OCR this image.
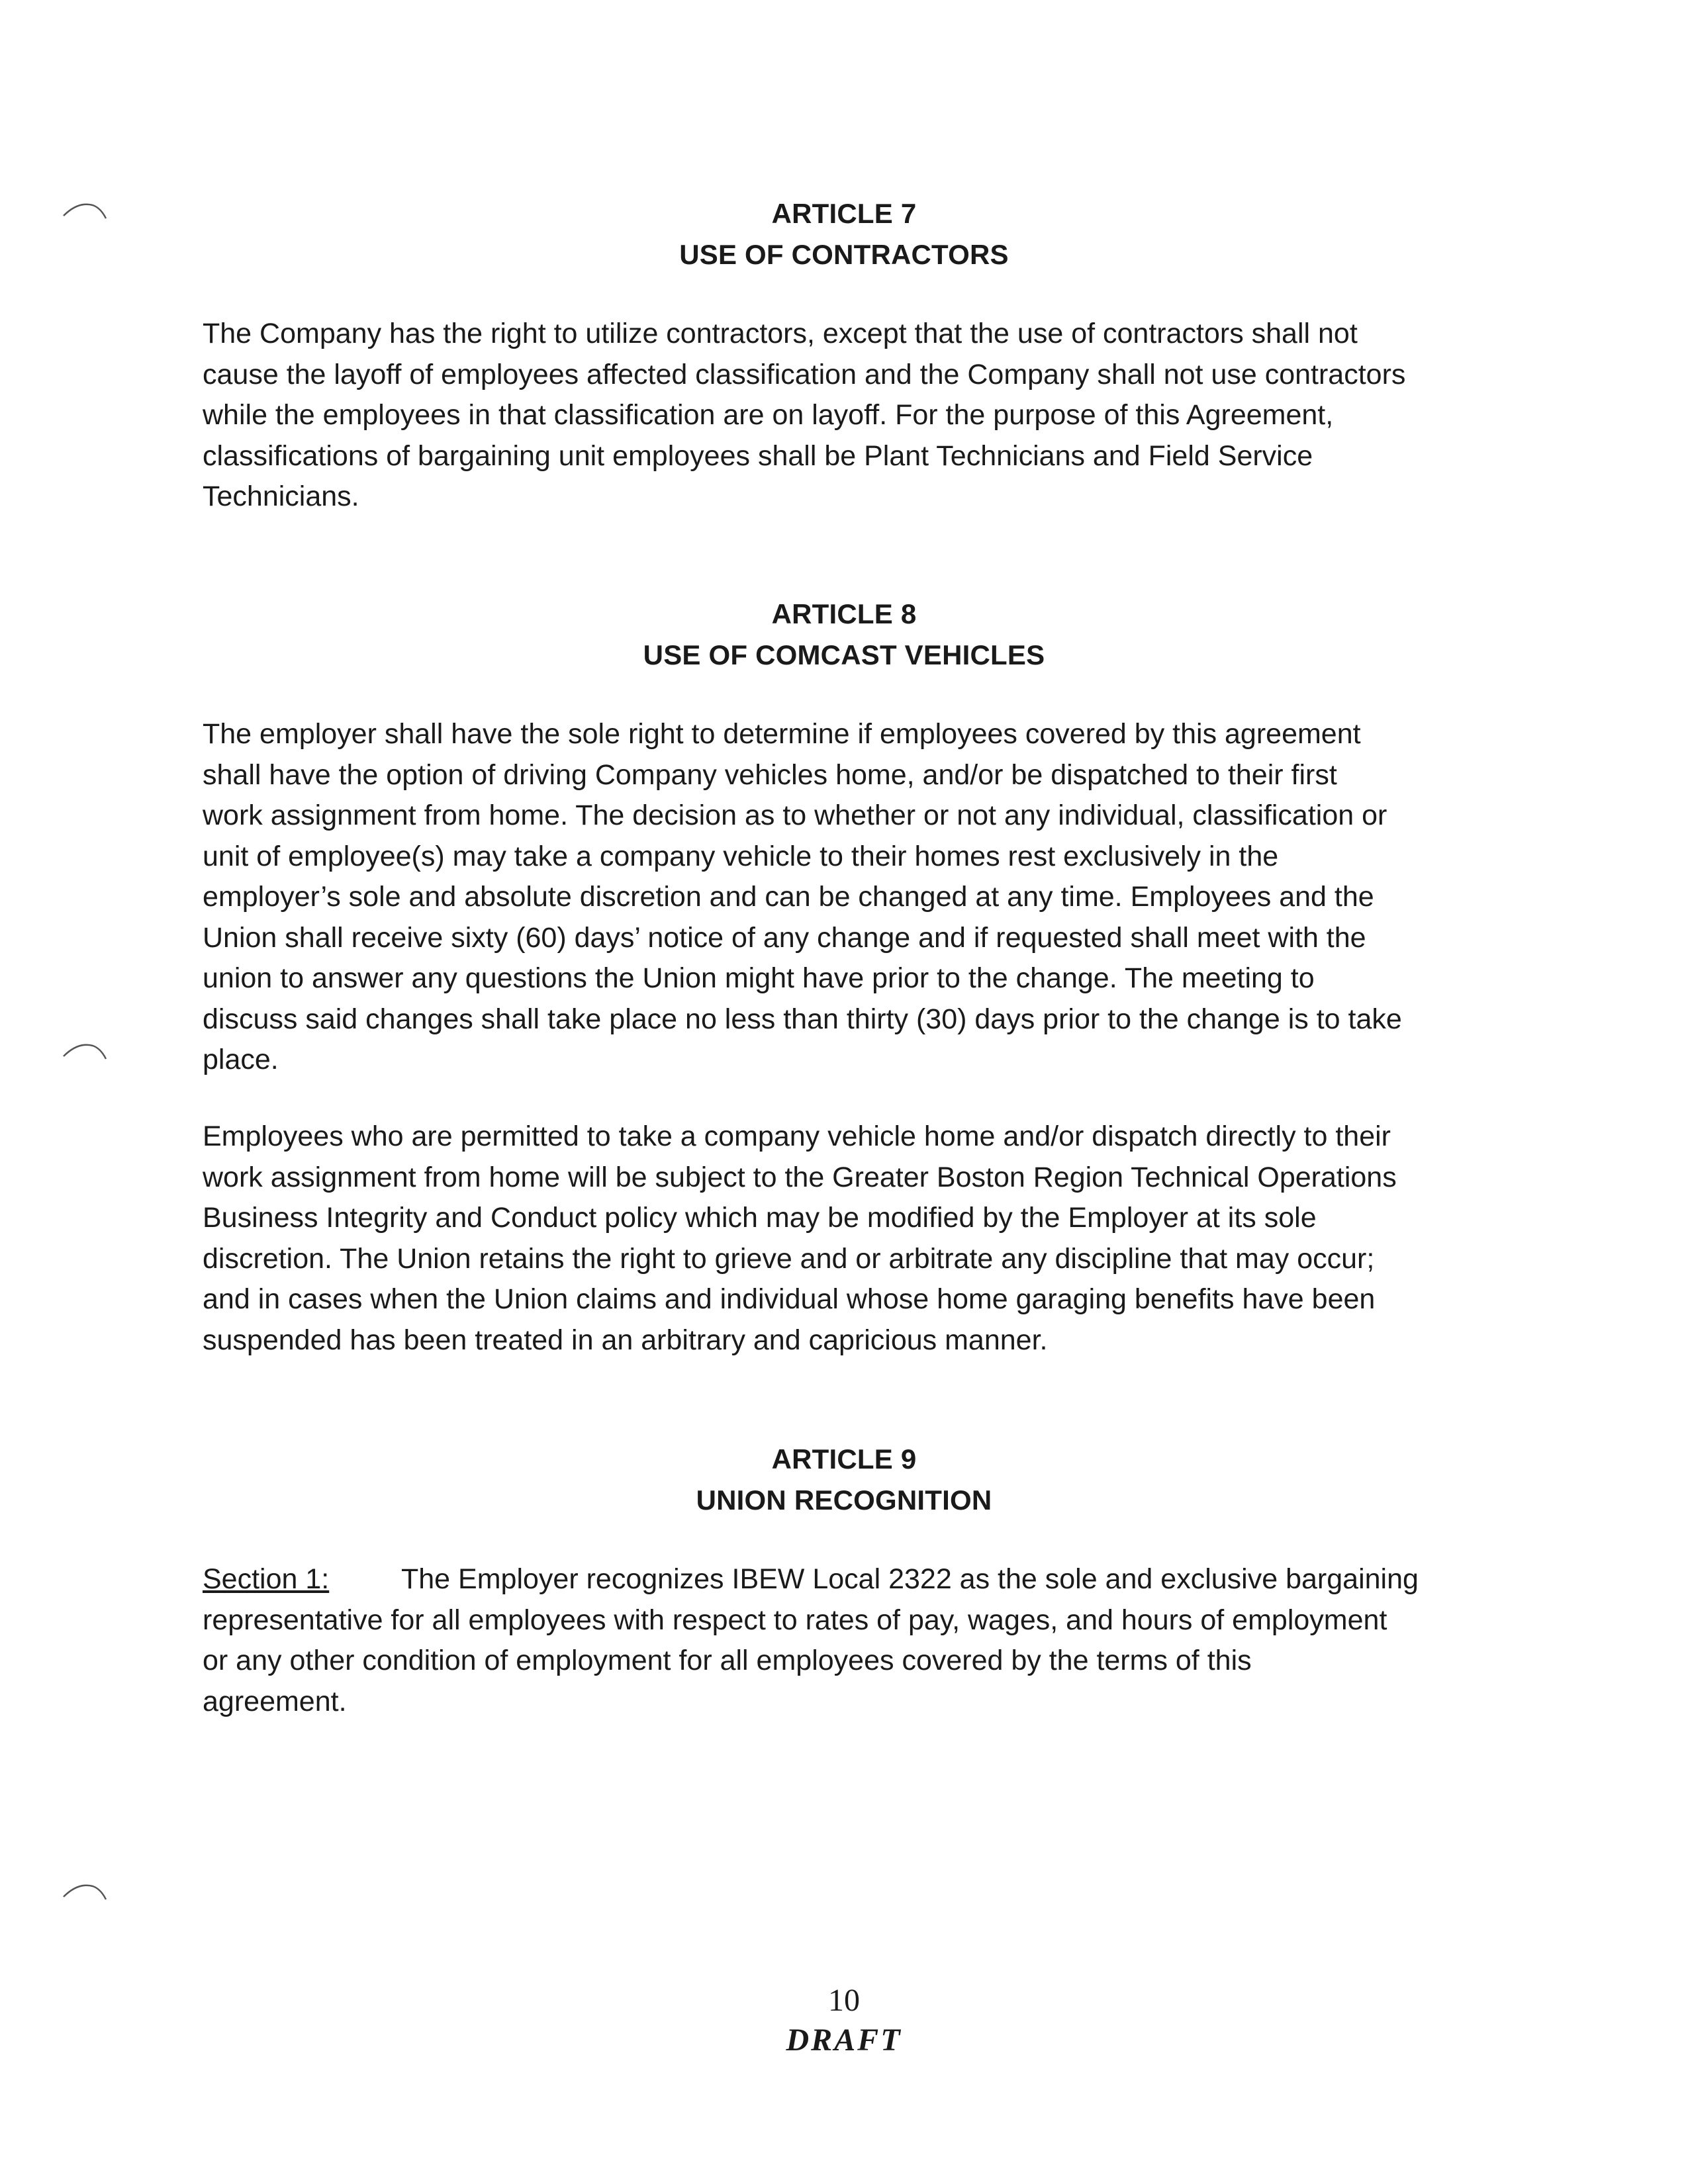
ARTICLE 7
USE OF CONTRACTORS
The Company has the right to utilize contractors, except that the use of contractors shall not
cause the layoff of employees affected classification and the Company shall not use contractors
while the employees in that classification are on layoff. For the purpose of this Agreement,
classifications of bargaining unit employees shall be Plant Technicians and Field Service
Technicians.
ARTICLE 8
USE OF COMCAST VEHICLES
The employer shall have the sole right to determine if employees covered by this agreement
shall have the option of driving Company vehicles home, and/or be dispatched to their first
work assignment from home. The decision as to whether or not any individual, classification or
unit of employee(s) may take a company vehicle to their homes rest exclusively in the
employer’s sole and absolute discretion and can be changed at any time. Employees and the
Union shall receive sixty (60) days’ notice of any change and if requested shall meet with the
union to answer any questions the Union might have prior to the change. The meeting to
discuss said changes shall take place no less than thirty (30) days prior to the change is to take
place.
Employees who are permitted to take a company vehicle home and/or dispatch directly to their
work assignment from home will be subject to the Greater Boston Region Technical Operations
Business Integrity and Conduct policy which may be modified by the Employer at its sole
discretion. The Union retains the right to grieve and or arbitrate any discipline that may occur;
and in cases when the Union claims and individual whose home garaging benefits have been
suspended has been treated in an arbitrary and capricious manner.
ARTICLE 9
UNION RECOGNITION
Section 1:	The Employer recognizes IBEW Local 2322 as the sole and exclusive bargaining
representative for all employees with respect to rates of pay, wages, and hours of employment
or any other condition of employment for all employees covered by the terms of this
agreement.
10
DRAFT
